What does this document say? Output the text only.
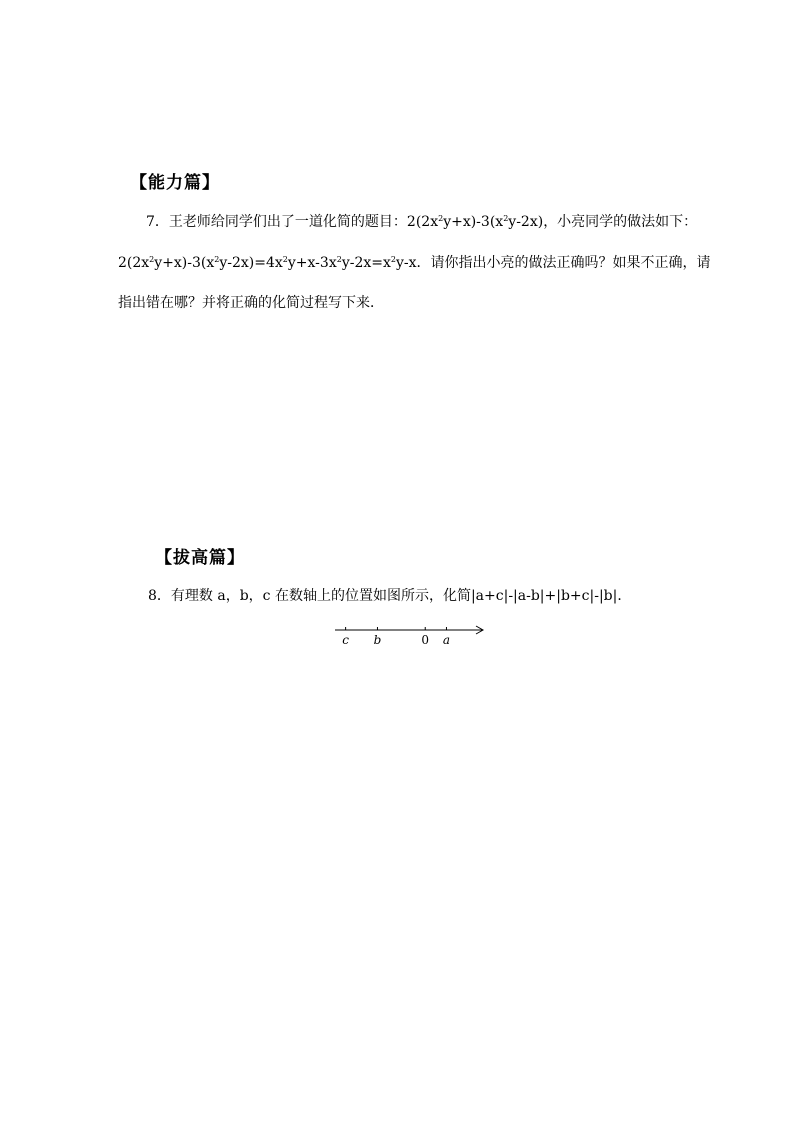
【能力篇】
7．王老师给同学们出了一道化简的题目：$2(2x^2y+x)-3(x^2y-2x)$，小亮同学的做法如下：
$2(2x^2y+x)-3(x^2y-2x)=4x^2y+x-3x^2y-2x=x^2y-x$．请你指出小亮的做法正确吗？如果不正确，请
指出错在哪？并将正确的化简过程写下来．
【拔高篇】
8．有理数 a，b，c 在数轴上的位置如图所示，化简|a+c|-|a-b|+|b+c|-|b|．
c b	0 a
